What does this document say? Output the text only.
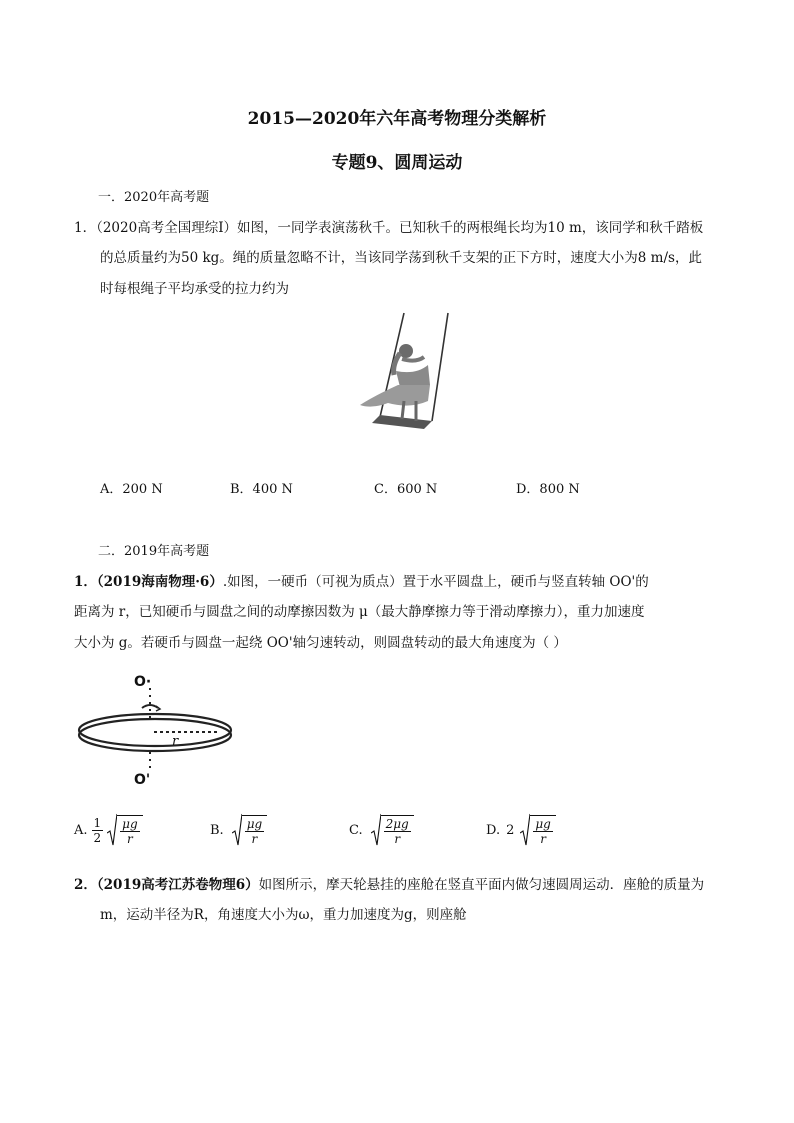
2015—2020年六年高考物理分类解析
专题9、圆周运动
一．2020年高考题
1．（2020高考全国理综Ⅰ）如图，一同学表演荡秋千。已知秋千的两根绳长均为10 m，该同学和秋千踏板
的总质量约为50 kg。绳的质量忽略不计，当该同学荡到秋千支架的正下方时，速度大小为8 m/s，此
时每根绳子平均承受的拉力约为
A．200 N	B．400 N	C．600 N	D．800 N
二．2019年高考题
1．（2019海南物理·6）.如图，一硬币（可视为质点）置于水平圆盘上，硬币与竖直转轴 OO'的
距离为 r，已知硬币与圆盘之间的动摩擦因数为 μ（最大静摩擦力等于滑动摩擦力），重力加速度
大小为 g。若硬币与圆盘一起绕 OO'轴匀速转动，则圆盘转动的最大角速度为（ ）
O·
O'
r
A. $\frac{1}{2} \frac{\mu g}{r}$	B. $\frac{\mu g}{r}$	C. $\frac{2\mu g}{r}$	D. $2 \frac{\mu g}{r}$
2．（2019高考江苏卷物理6）如图所示，摩天轮悬挂的座舱在竖直平面内做匀速圆周运动．座舱的质量为
m，运动半径为R，角速度大小为ω，重力加速度为g，则座舱
